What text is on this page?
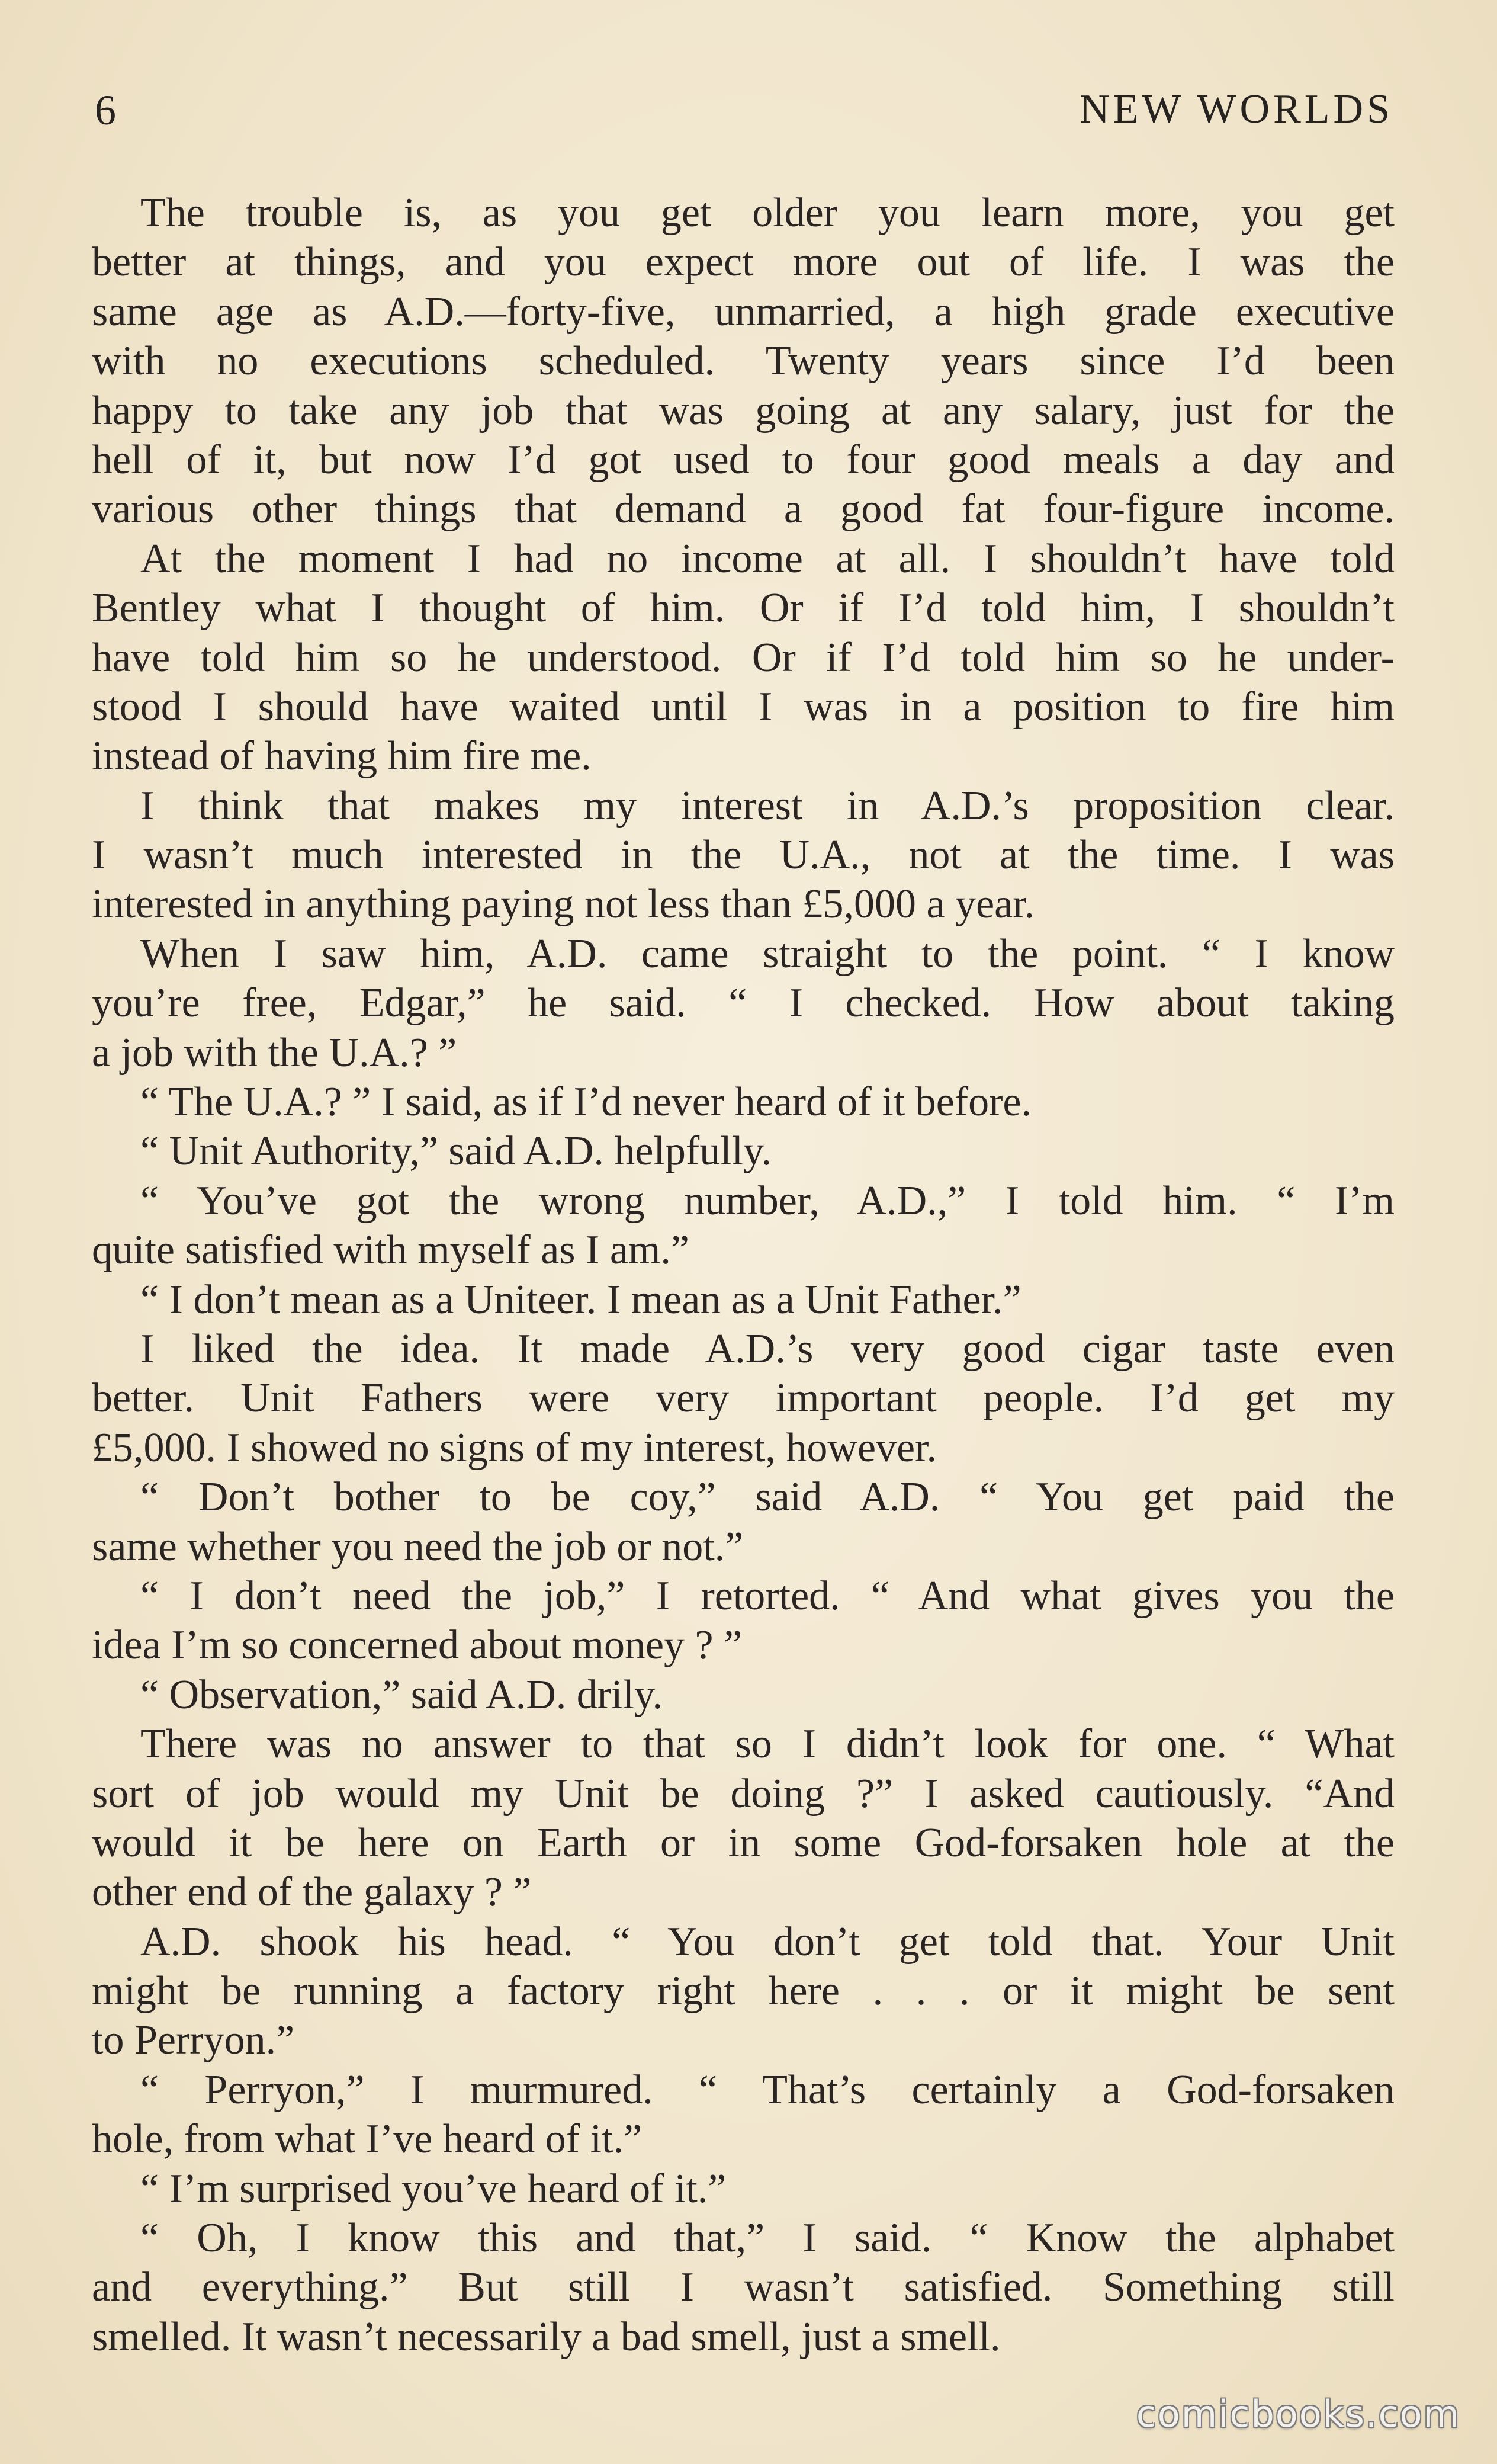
6	NEW WORLDS
The trouble is, as you get older you learn more, you get
better at things, and you expect more out of life. I was the
same age as A.D.—forty-five, unmarried, a high grade executive
with no executions scheduled. Twenty years since I’d been
happy to take any job that was going at any salary, just for the
hell of it, but now I’d got used to four good meals a day and
various other things that demand a good fat four-figure income.
At the moment I had no income at all. I shouldn’t have told
Bentley what I thought of him. Or if I’d told him, I shouldn’t
have told him so he understood. Or if I’d told him so he under-
stood I should have waited until I was in a position to fire him
instead of having him fire me.
I think that makes my interest in A.D.’s proposition clear.
I wasn’t much interested in the U.A., not at the time. I was
interested in anything paying not less than £5,000 a year.
When I saw him, A.D. came straight to the point. “ I know
you’re free, Edgar,” he said. “ I checked. How about taking
a job with the U.A.? ”
“ The U.A.? ” I said, as if I’d never heard of it before.
“ Unit Authority,” said A.D. helpfully.
“ You’ve got the wrong number, A.D.,” I told him. “ I’m
quite satisfied with myself as I am.”
“ I don’t mean as a Uniteer. I mean as a Unit Father.”
I liked the idea. It made A.D.’s very good cigar taste even
better. Unit Fathers were very important people. I’d get my
£5,000. I showed no signs of my interest, however.
“ Don’t bother to be coy,” said A.D. “ You get paid the
same whether you need the job or not.”
“ I don’t need the job,” I retorted. “ And what gives you the
idea I’m so concerned about money ? ”
“ Observation,” said A.D. drily.
There was no answer to that so I didn’t look for one. “ What
sort of job would my Unit be doing ?” I asked cautiously. “And
would it be here on Earth or in some God-forsaken hole at the
other end of the galaxy ? ”
A.D. shook his head. “ You don’t get told that. Your Unit
might be running a factory right here . . . or it might be sent
to Perryon.”
“ Perryon,” I murmured. “ That’s certainly a God-forsaken
hole, from what I’ve heard of it.”
“ I’m surprised you’ve heard of it.”
“ Oh, I know this and that,” I said. “ Know the alphabet
and everything.” But still I wasn’t satisfied. Something still
smelled. It wasn’t necessarily a bad smell, just a smell.
comicbooks.com
